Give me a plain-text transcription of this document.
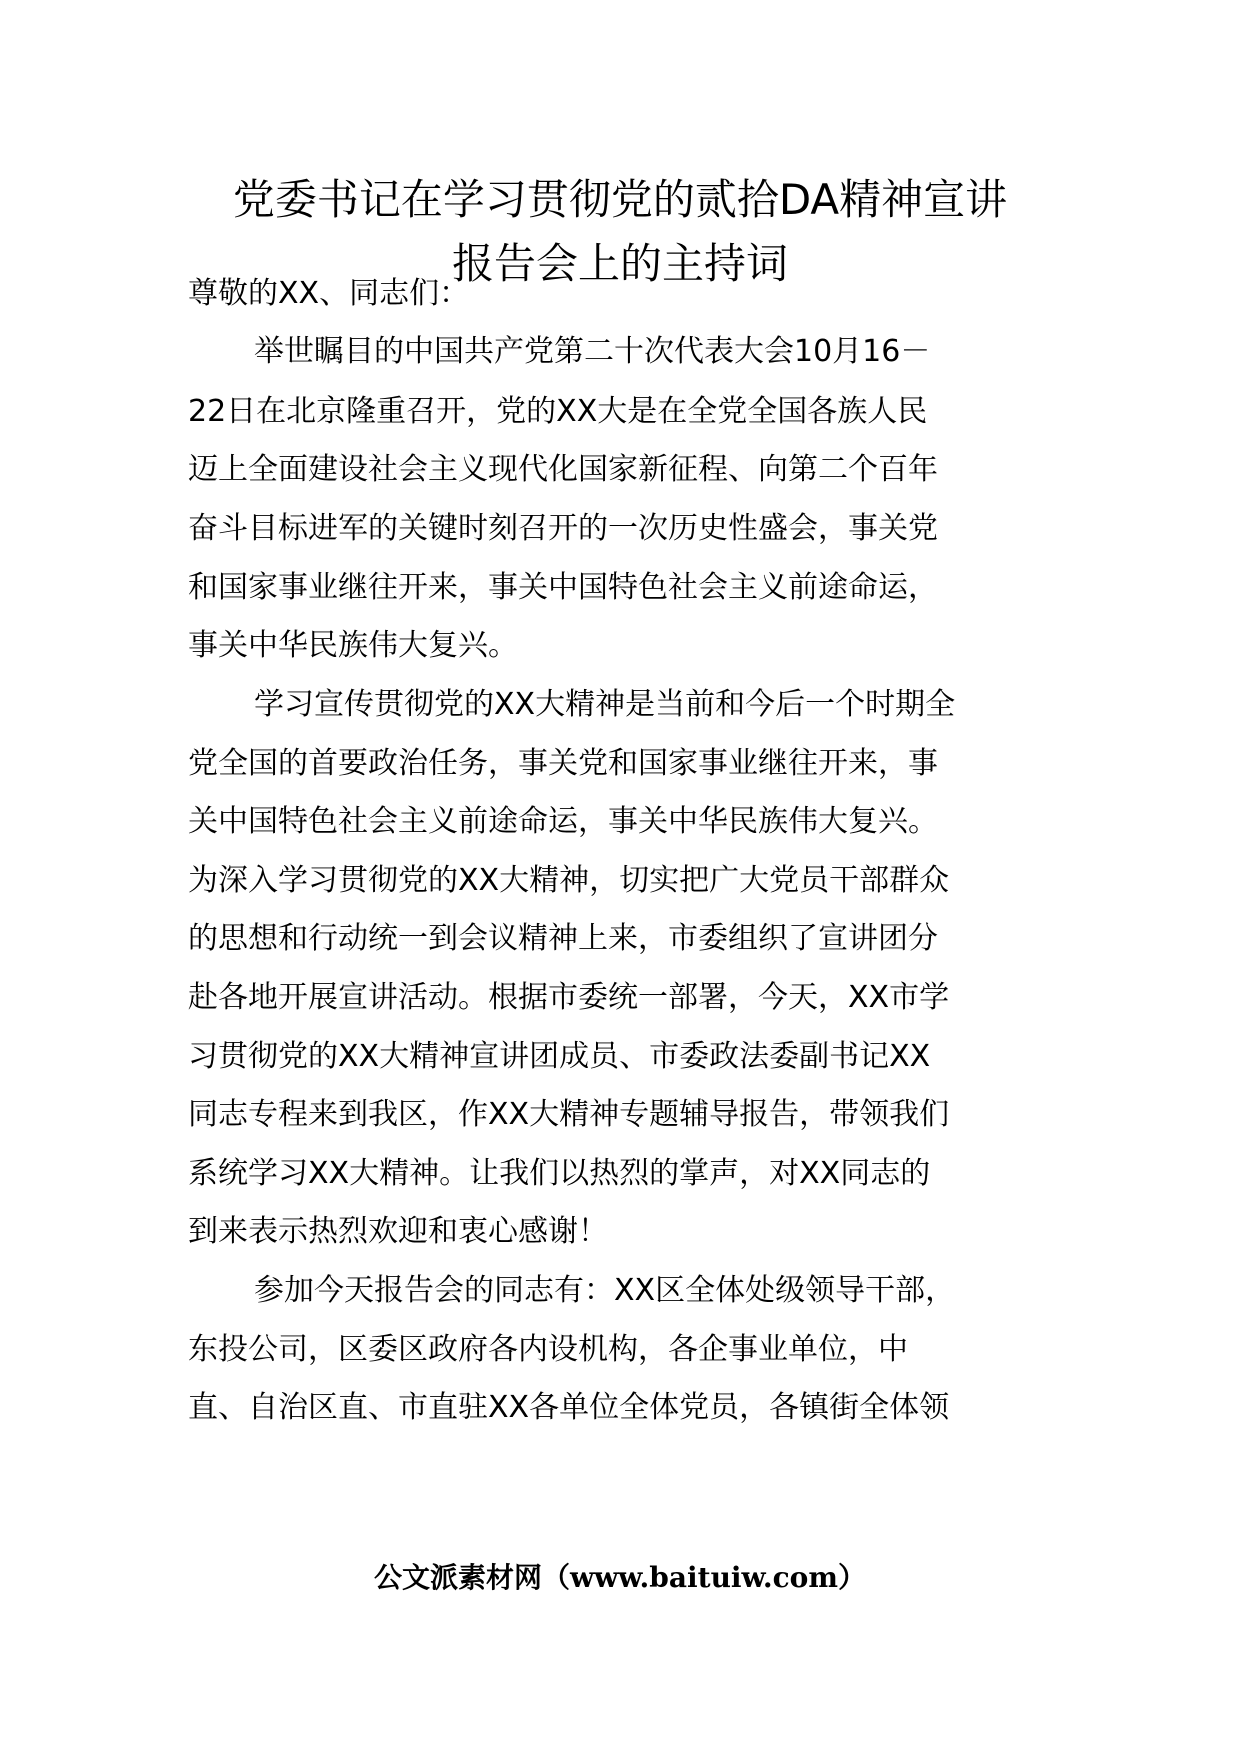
党委书记在学习贯彻党的贰拾DA精神宣讲
报告会上的主持词
尊敬的XX、同志们：
举世瞩目的中国共产党第二十次代表大会10月16－
22日在北京隆重召开，党的XX大是在全党全国各族人民
迈上全面建设社会主义现代化国家新征程、向第二个百年
奋斗目标进军的关键时刻召开的一次历史性盛会，事关党
和国家事业继往开来，事关中国特色社会主义前途命运，
事关中华民族伟大复兴。
学习宣传贯彻党的XX大精神是当前和今后一个时期全
党全国的首要政治任务，事关党和国家事业继往开来，事
关中国特色社会主义前途命运，事关中华民族伟大复兴。
为深入学习贯彻党的XX大精神，切实把广大党员干部群众
的思想和行动统一到会议精神上来，市委组织了宣讲团分
赴各地开展宣讲活动。根据市委统一部署，今天，XX市学
习贯彻党的XX大精神宣讲团成员、市委政法委副书记XX
同志专程来到我区，作XX大精神专题辅导报告，带领我们
系统学习XX大精神。让我们以热烈的掌声，对XX同志的
到来表示热烈欢迎和衷心感谢！
参加今天报告会的同志有：XX区全体处级领导干部，
东投公司，区委区政府各内设机构，各企事业单位，中
直、自治区直、市直驻XX各单位全体党员，各镇街全体领
公文派素材网（www.baituiw.com）
